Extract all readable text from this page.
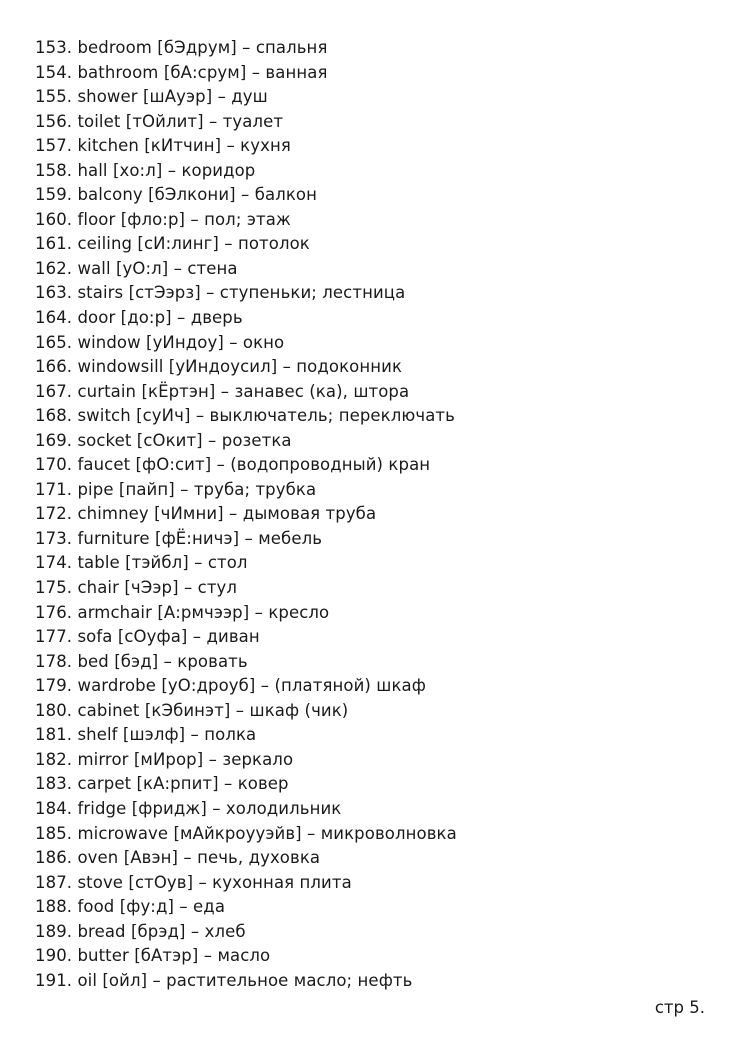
153. bedroom [бЭдрум] – спальня
154. bathroom [бА:срум] – ванная
155. shower [шАуэр] – душ
156. toilet [тОйлит] – туалет
157. kitchen [кИтчин] – кухня
158. hall [хо:л] – коридор
159. balcony [бЭлкони] – балкон
160. floor [фло:р] – пол; этаж
161. ceiling [сИ:линг] – потолок
162. wall [уО:л] – стена
163. stairs [стЭэрз] – ступеньки; лестница
164. door [до:р] – дверь
165. window [уИндоу] – окно
166. windowsill [уИндоусил] – подоконник
167. curtain [кЁртэн] – занавес (ка), штора
168. switch [суИч] – выключатель; переключать
169. socket [сОкит] – розетка
170. faucet [фО:сит] – (водопроводный) кран
171. pipe [пайп] – труба; трубка
172. chimney [чИмни] – дымовая труба
173. furniture [фЁ:ничэ] – мебель
174. table [тэйбл] – стол
175. chair [чЭэр] – стул
176. armchair [А:рмчээр] – кресло
177. sofa [сОуфа] – диван
178. bed [бэд] – кровать
179. wardrobe [уО:дроуб] – (платяной) шкаф
180. cabinet [кЭбинэт] – шкаф (чик)
181. shelf [шэлф] – полка
182. mirror [мИрор] – зеркало
183. carpet [кА:рпит] – ковер
184. fridge [фридж] – холодильник
185. microwave [мАйкроууэйв] – микроволновка
186. oven [Авэн] – печь, духовка
187. stove [стОув] – кухонная плита
188. food [фу:д] – еда
189. bread [брэд] – хлеб
190. butter [бАтэр] – масло
191. oil [ойл] – растительное масло; нефть
стр 5.
